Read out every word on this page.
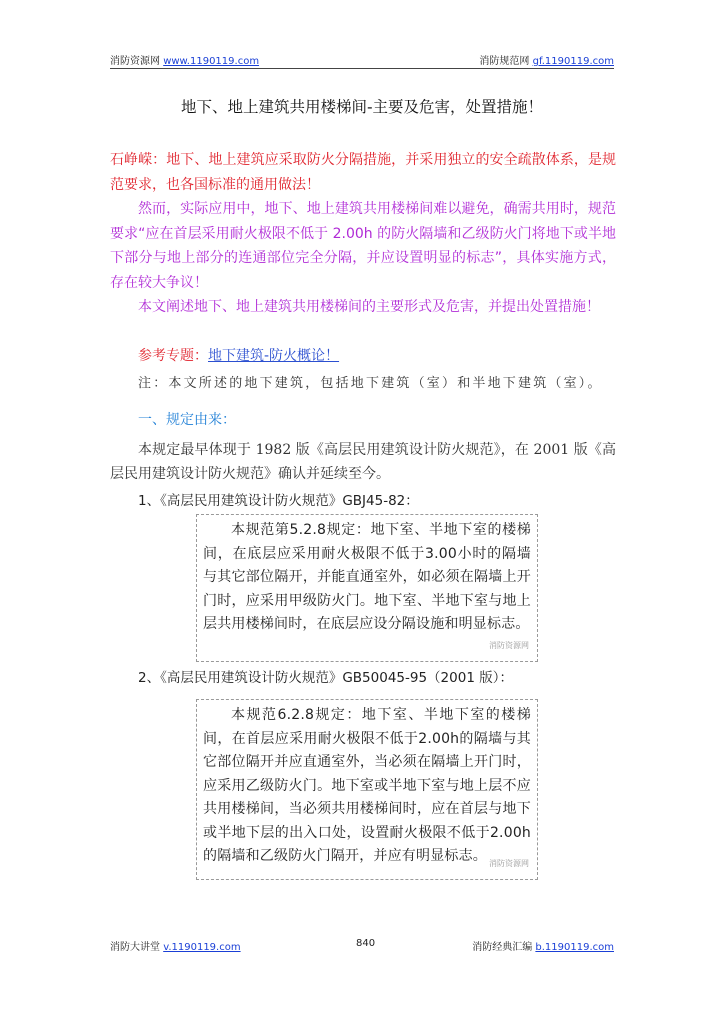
消防资源网 www.1190119.com	消防规范网 gf.1190119.com
地下、地上建筑共用楼梯间-主要及危害，处置措施！
石峥嵘：地下、地上建筑应采取防火分隔措施，并采用独立的安全疏散体系，是规范要求，也各国标准的通用做法！
然而，实际应用中，地下、地上建筑共用楼梯间难以避免，确需共用时，规范要求“应在首层采用耐火极限不低于 2.00h 的防火隔墙和乙级防火门将地下或半地下部分与地上部分的连通部位完全分隔，并应设置明显的标志”，具体实施方式，存在较大争议！
本文阐述地下、地上建筑共用楼梯间的主要形式及危害，并提出处置措施！
参考专题：地下建筑-防火概论！
注：本文所述的地下建筑，包括地下建筑（室）和半地下建筑（室）。
一、规定由来：
本规定最早体现于 1982 版《高层民用建筑设计防火规范》，在 2001 版《高层民用建筑设计防火规范》确认并延续至今。
1、《高层民用建筑设计防火规范》GBJ45-82：
本规范第5.2.8规定：地下室、半地下室的楼梯间，在底层应采用耐火极限不低于3.00小时的隔墙与其它部位隔开，并能直通室外，如必须在隔墙上开门时，应采用甲级防火门。地下室、半地下室与地上层共用楼梯间时，在底层应设分隔设施和明显标志。
消防资源网
2、《高层民用建筑设计防火规范》GB50045-95（2001 版）：
本规范6.2.8规定：地下室、半地下室的楼梯间，在首层应采用耐火极限不低于2.00h的隔墙与其它部位隔开并应直通室外，当必须在隔墙上开门时，应采用乙级防火门。地下室或半地下室与地上层不应共用楼梯间，当必须共用楼梯间时，应在首层与地下或半地下层的出入口处，设置耐火极限不低于2.00h的隔墙和乙级防火门隔开，并应有明显标志。 消防资源网
消防大讲堂 v.1190119.com	840	消防经典汇编 b.1190119.com
